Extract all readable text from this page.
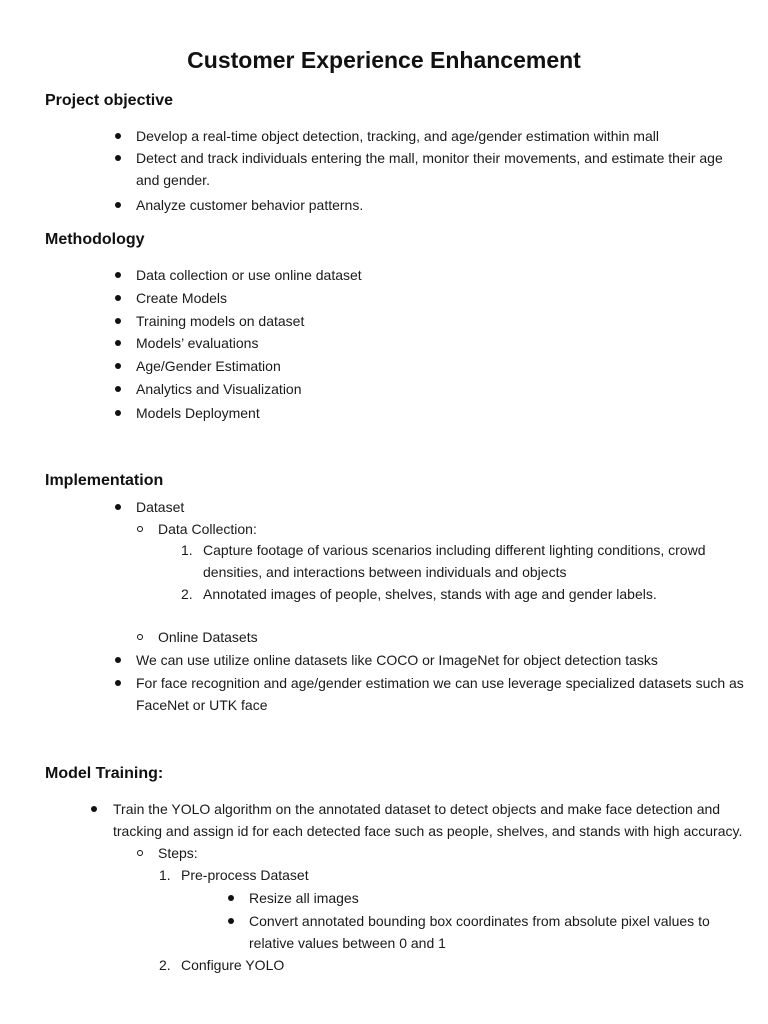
Customer Experience Enhancement
Project objective
Develop a real-time object detection, tracking, and age/gender estimation within mall
Detect and track individuals entering the mall, monitor their movements, and estimate their age
and gender.
Analyze customer behavior patterns.
Methodology
Data collection or use online dataset
Create Models
Training models on dataset
Models’ evaluations
Age/Gender Estimation
Analytics and Visualization
Models Deployment
Implementation
Dataset
Data Collection:
1. Capture footage of various scenarios including different lighting conditions, crowd
densities, and interactions between individuals and objects
2. Annotated images of people, shelves, stands with age and gender labels.
Online Datasets
We can use utilize online datasets like COCO or ImageNet for object detection tasks
For face recognition and age/gender estimation we can use leverage specialized datasets such as
FaceNet or UTK face
Model Training:
Train the YOLO algorithm on the annotated dataset to detect objects and make face detection and
tracking and assign id for each detected face such as people, shelves, and stands with high accuracy.
Steps:
1. Pre-process Dataset
Resize all images
Convert annotated bounding box coordinates from absolute pixel values to
relative values between 0 and 1
2. Configure YOLO
